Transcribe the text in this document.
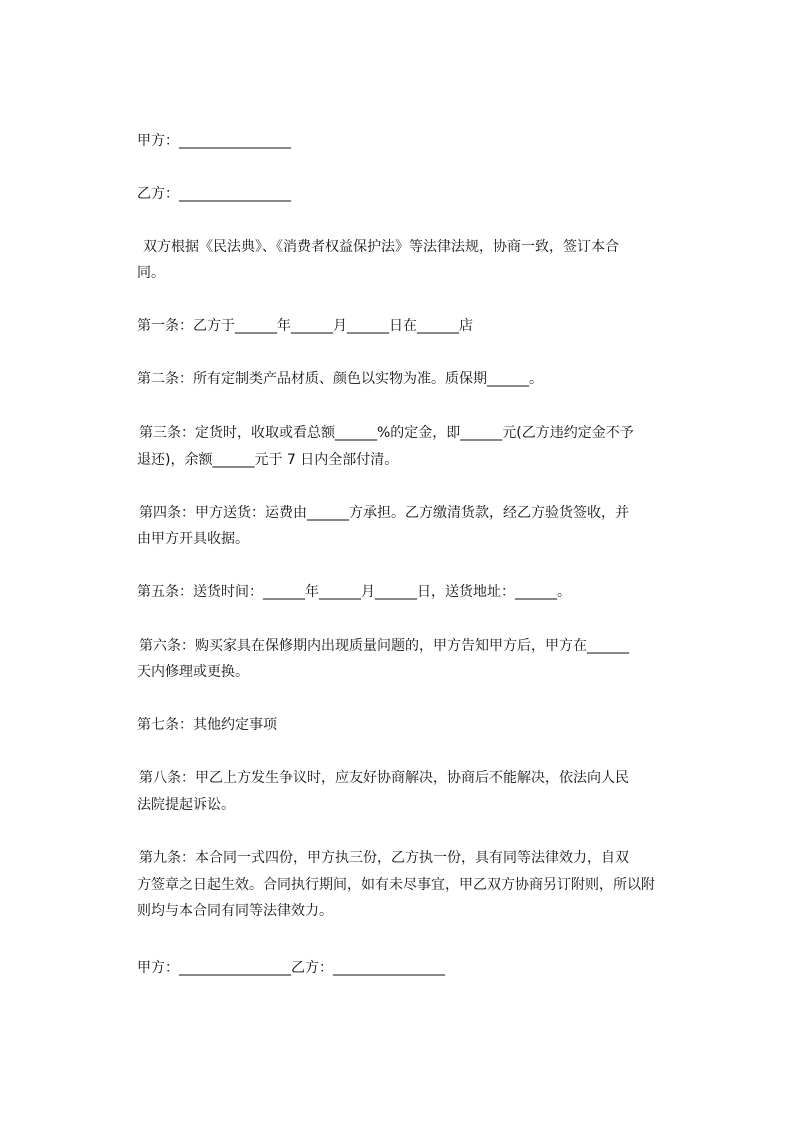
甲方：________________
乙方：________________
双方根据《民法典》、《消费者权益保护法》等法律法规，协商一致，签订本合
同。
第一条：乙方于______年______月______日在______店
第二条：所有定制类产品材质、颜色以实物为准。质保期______。
第三条：定货时，收取或看总额______%的定金，即______元(乙方违约定金不予
退还)，余额______元于 7 日内全部付清。
第四条：甲方送货：运费由______方承担。乙方缴清货款，经乙方验货签收，并
由甲方开具收据。
第五条：送货时间：______年______月______日，送货地址：______。
第六条：购买家具在保修期内出现质量问题的，甲方告知甲方后，甲方在______
天内修理或更换。
第七条：其他约定事项
第八条：甲乙上方发生争议时，应友好协商解决，协商后不能解决，依法向人民
法院提起诉讼。
第九条：本合同一式四份，甲方执三份，乙方执一份，具有同等法律效力，自双
方签章之日起生效。合同执行期间，如有未尽事宜，甲乙双方协商另订附则，所以附
则均与本合同有同等法律效力。
甲方：________________乙方：________________
